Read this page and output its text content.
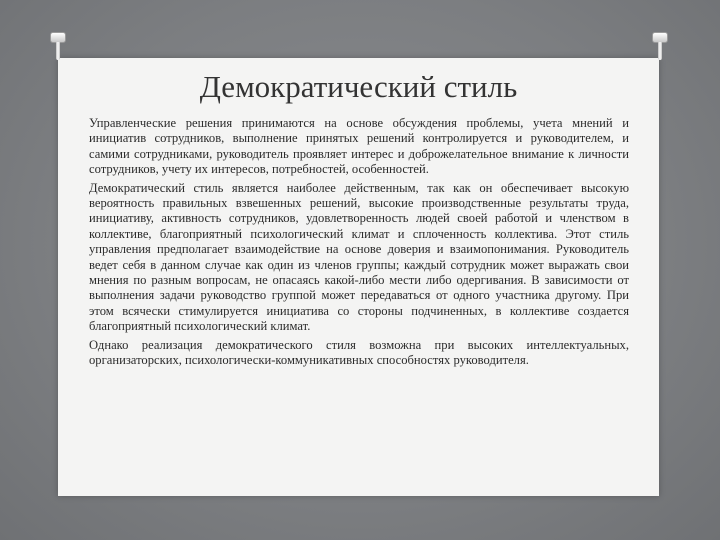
Демократический стиль

Управленческие решения принимаются на основе обсуждения проблемы, учета мнений и инициатив сотрудников, выполнение принятых решений контролируется и руководителем, и самими сотрудниками, руководитель проявляет интерес и доброжелательное внимание к личности сотрудников, учету их интересов, потребностей, особенностей.

Демократический стиль является наиболее действенным, так как он обеспечивает высокую вероятность правильных взвешенных решений, высокие производственные результаты труда, инициативу, активность сотрудников, удовлетворенность людей своей работой и членством в коллективе, благоприятный психологический климат и сплоченность коллектива. Этот стиль управления предполагает взаимодействие на основе доверия и взаимопонимания. Руководитель ведет себя в данном случае как один из членов группы; каждый сотрудник может выражать свои мнения по разным вопросам, не опасаясь какой-либо мести либо одергивания. В зависимости от выполнения задачи руководство группой может передаваться от одного участника другому. При этом всячески стимулируется инициатива со стороны подчиненных, в коллективе создается благоприятный психологический климат.

Однако реализация демократического стиля возможна при высоких интеллектуальных, организаторских, психологически-коммуникативных способностях руководителя.
